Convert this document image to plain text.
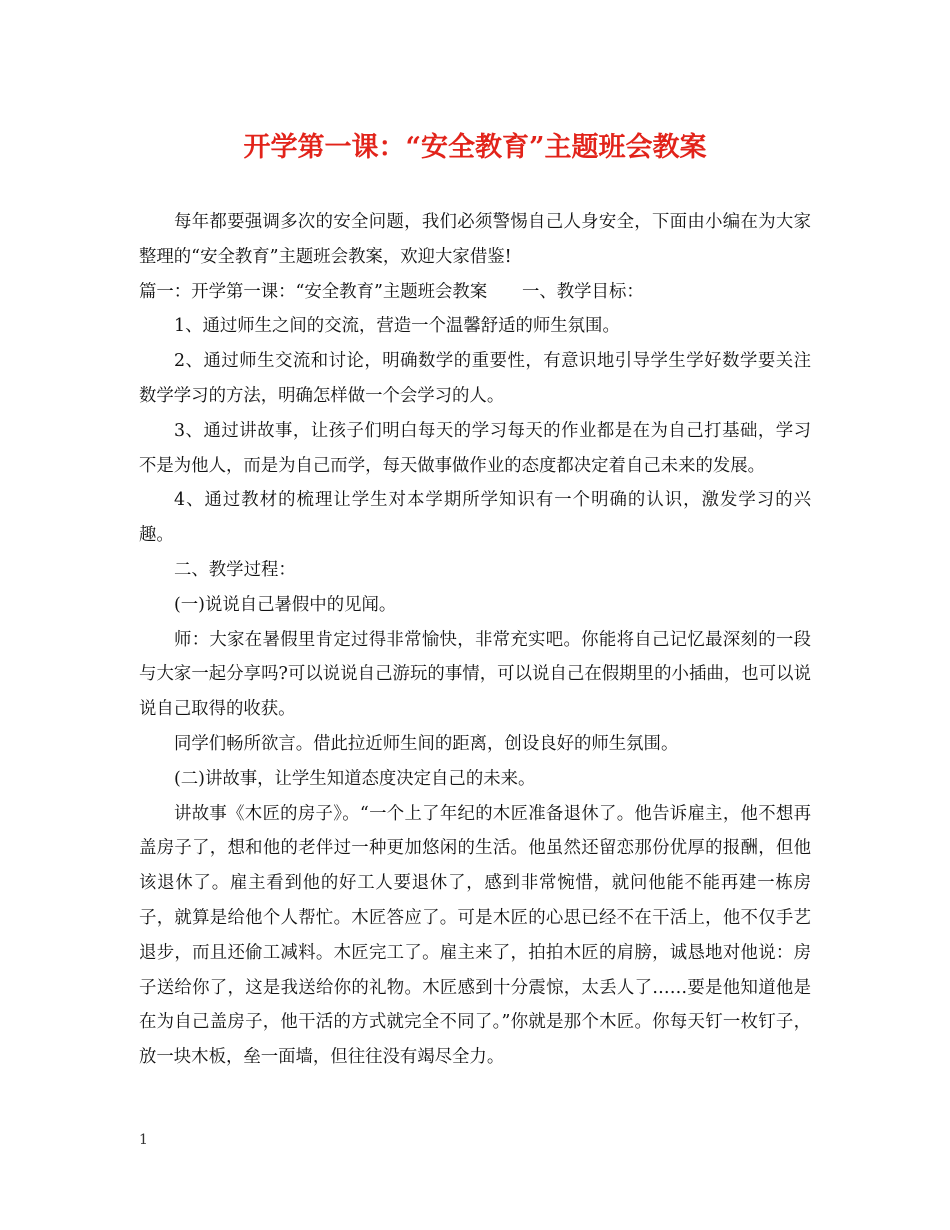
开学第一课：“安全教育”主题班会教案

每年都要强调多次的安全问题，我们必须警惕自己人身安全，下面由小编在为大家整理的“安全教育”主题班会教案，欢迎大家借鉴!

篇一：开学第一课：“安全教育”主题班会教案　　一、教学目标：

1、通过师生之间的交流，营造一个温馨舒适的师生氛围。

2、通过师生交流和讨论，明确数学的重要性，有意识地引导学生学好数学要关注数学学习的方法，明确怎样做一个会学习的人。

3、通过讲故事，让孩子们明白每天的学习每天的作业都是在为自己打基础，学习不是为他人，而是为自己而学，每天做事做作业的态度都决定着自己未来的发展。

4、通过教材的梳理让学生对本学期所学知识有一个明确的认识，激发学习的兴趣。

二、教学过程：

(一)说说自己暑假中的见闻。

师：大家在暑假里肯定过得非常愉快，非常充实吧。你能将自己记忆最深刻的一段与大家一起分享吗?可以说说自己游玩的事情，可以说自己在假期里的小插曲，也可以说说自己取得的收获。

同学们畅所欲言。借此拉近师生间的距离，创设良好的师生氛围。

(二)讲故事，让学生知道态度决定自己的未来。

讲故事《木匠的房子》。“一个上了年纪的木匠准备退休了。他告诉雇主，他不想再盖房子了，想和他的老伴过一种更加悠闲的生活。他虽然还留恋那份优厚的报酬，但他该退休了。雇主看到他的好工人要退休了，感到非常惋惜，就问他能不能再建一栋房子，就算是给他个人帮忙。木匠答应了。可是木匠的心思已经不在干活上，他不仅手艺退步，而且还偷工减料。木匠完工了。雇主来了，拍拍木匠的肩膀，诚恳地对他说：房子送给你了，这是我送给你的礼物。木匠感到十分震惊，太丢人了……要是他知道他是在为自己盖房子，他干活的方式就完全不同了。”你就是那个木匠。你每天钉一枚钉子，放一块木板，垒一面墙，但往往没有竭尽全力。

1
